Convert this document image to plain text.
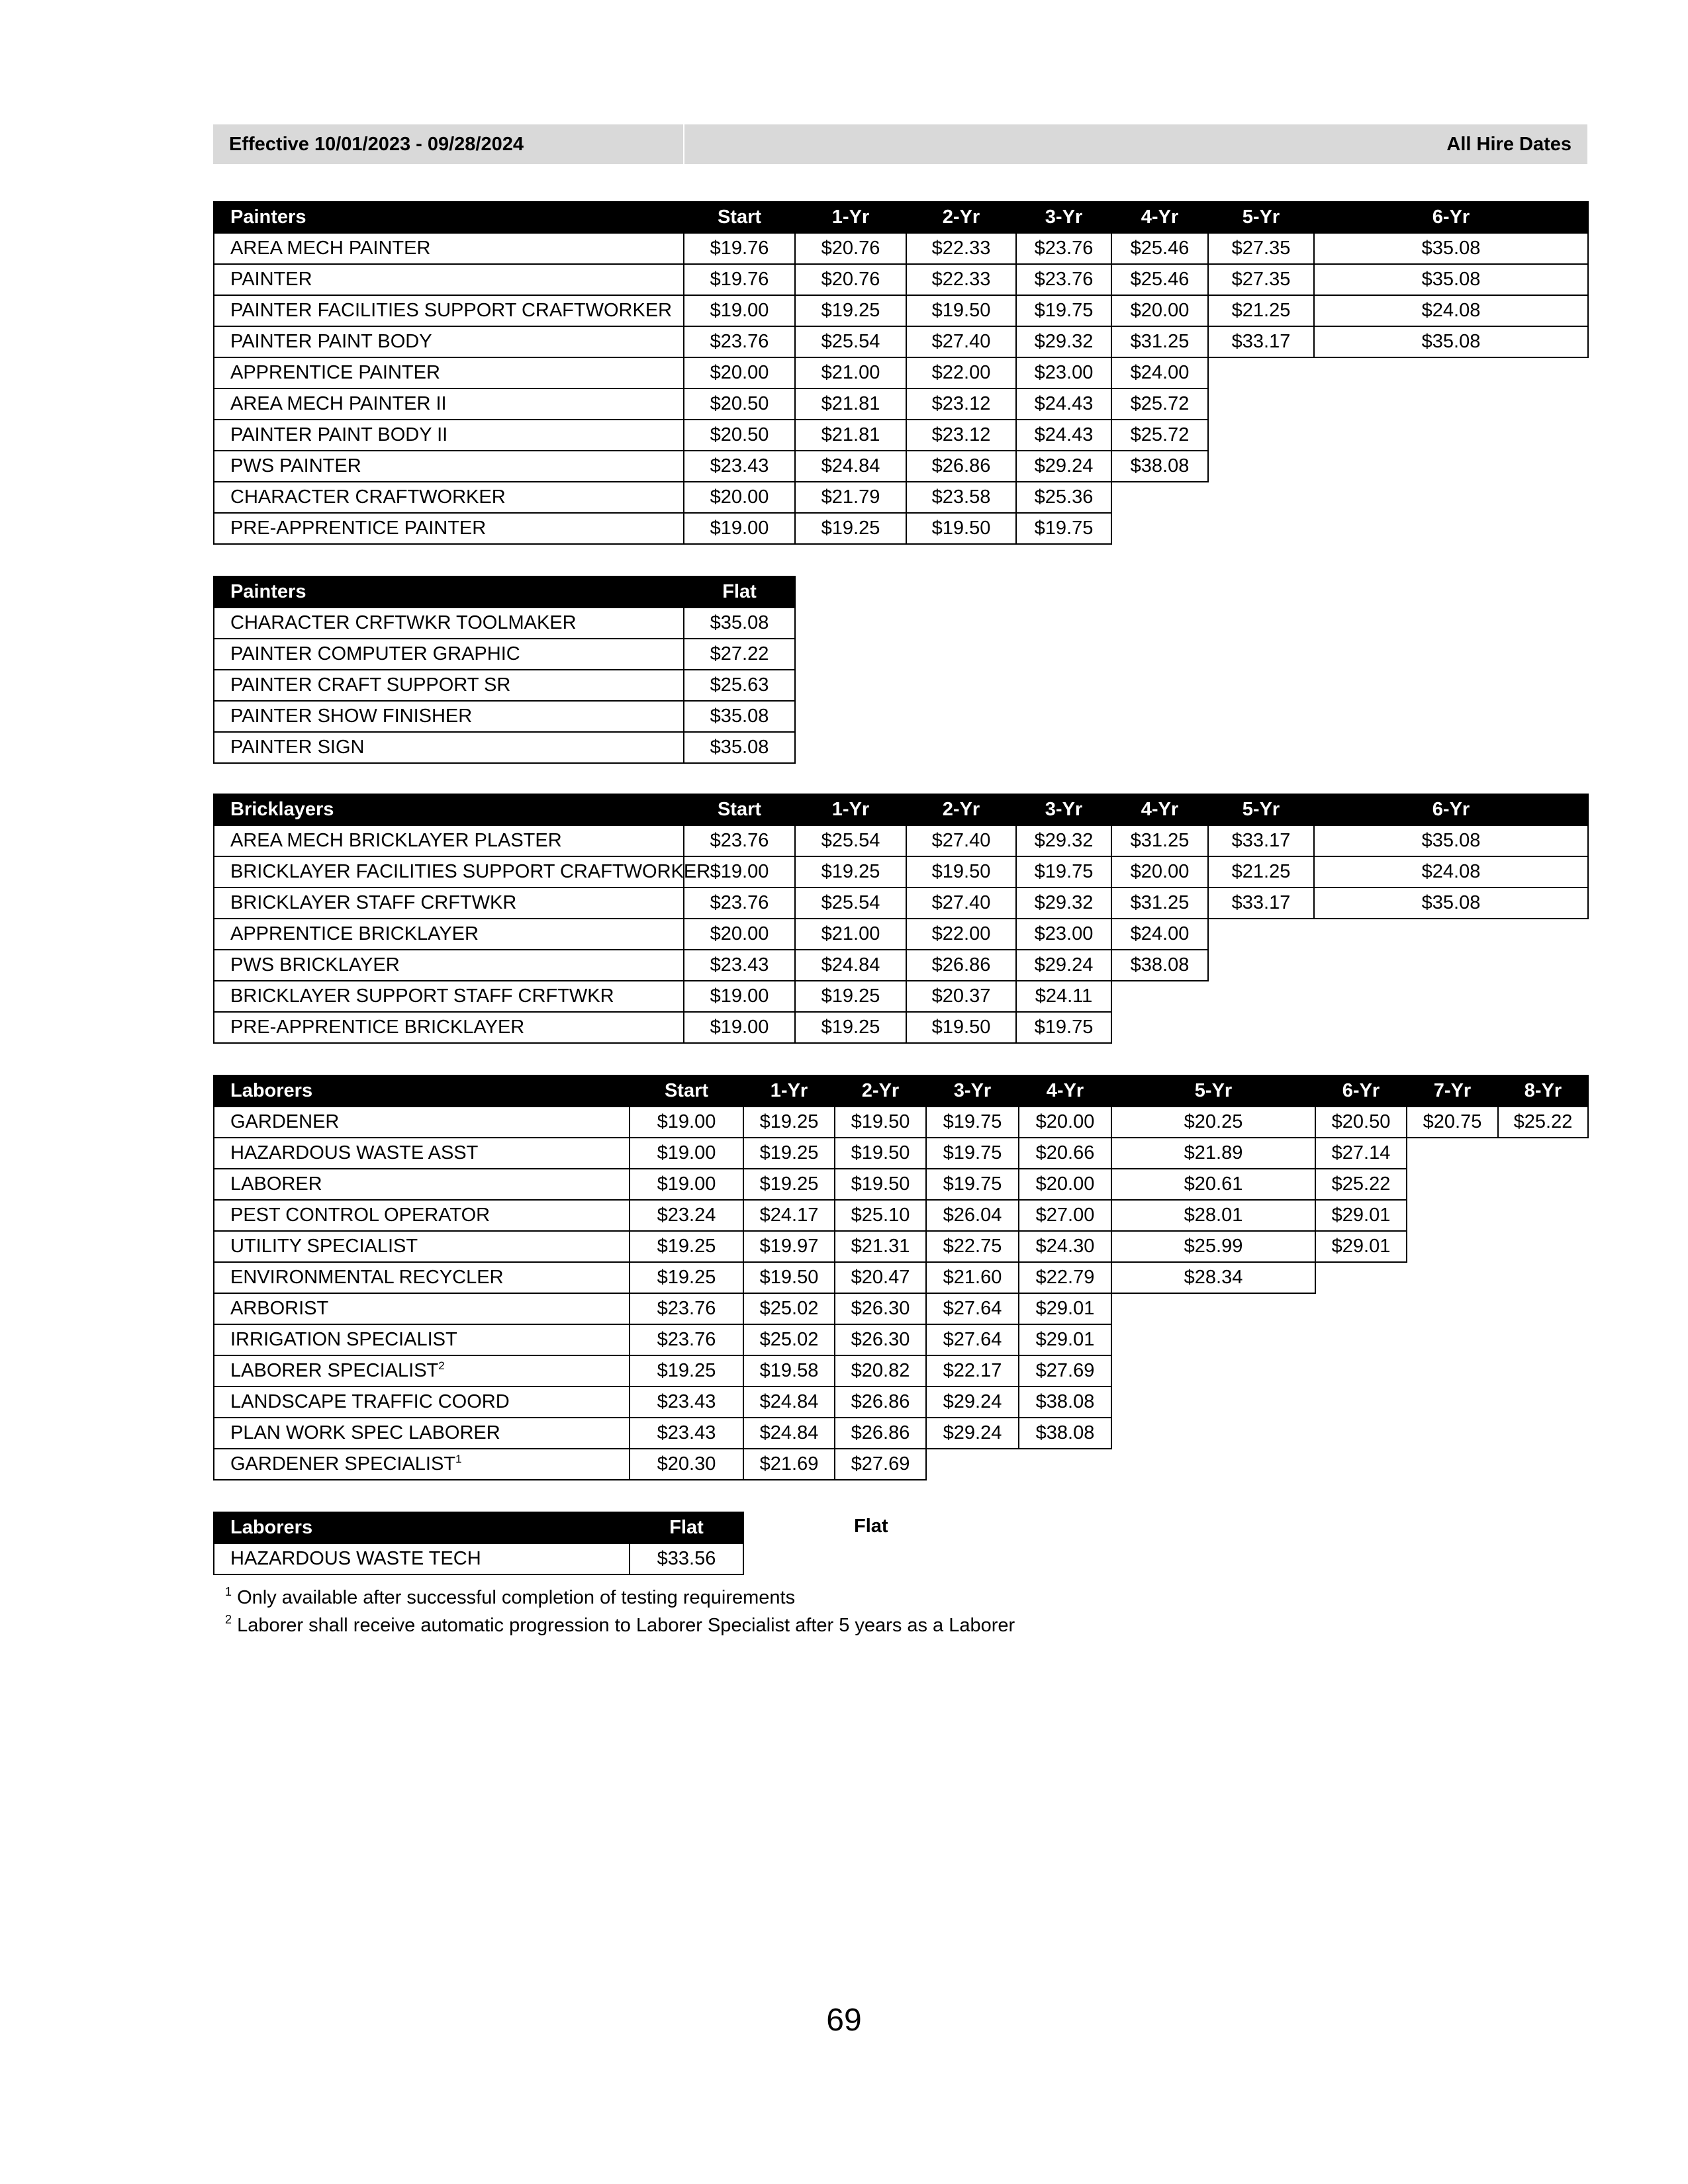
Effective 10/01/2023 - 09/28/2024	All Hire Dates
Painters	Start	1-Yr	2-Yr	3-Yr	4-Yr	5-Yr	6-Yr
AREA MECH PAINTER	$19.76	$20.76	$22.33	$23.76	$25.46	$27.35	$35.08
PAINTER	$19.76	$20.76	$22.33	$23.76	$25.46	$27.35	$35.08
PAINTER FACILITIES SUPPORT CRAFTWORKER	$19.00	$19.25	$19.50	$19.75	$20.00	$21.25	$24.08
PAINTER PAINT BODY	$23.76	$25.54	$27.40	$29.32	$31.25	$33.17	$35.08
APPRENTICE PAINTER	$20.00	$21.00	$22.00	$23.00	$24.00		
AREA MECH PAINTER II	$20.50	$21.81	$23.12	$24.43	$25.72		
PAINTER PAINT BODY II	$20.50	$21.81	$23.12	$24.43	$25.72		
PWS PAINTER	$23.43	$24.84	$26.86	$29.24	$38.08		
CHARACTER CRAFTWORKER	$20.00	$21.79	$23.58	$25.36			
PRE-APPRENTICE PAINTER	$19.00	$19.25	$19.50	$19.75			
Painters	Flat
CHARACTER CRFTWKR TOOLMAKER	$35.08
PAINTER COMPUTER GRAPHIC	$27.22
PAINTER CRAFT SUPPORT SR	$25.63
PAINTER SHOW FINISHER	$35.08
PAINTER SIGN	$35.08
Bricklayers	Start	1-Yr	2-Yr	3-Yr	4-Yr	5-Yr	6-Yr
AREA MECH BRICKLAYER PLASTER	$23.76	$25.54	$27.40	$29.32	$31.25	$33.17	$35.08
BRICKLAYER FACILITIES SUPPORT CRAFTWORKER	$19.00	$19.25	$19.50	$19.75	$20.00	$21.25	$24.08
BRICKLAYER STAFF CRFTWKR	$23.76	$25.54	$27.40	$29.32	$31.25	$33.17	$35.08
APPRENTICE BRICKLAYER	$20.00	$21.00	$22.00	$23.00	$24.00		
PWS BRICKLAYER	$23.43	$24.84	$26.86	$29.24	$38.08		
BRICKLAYER SUPPORT STAFF CRFTWKR	$19.00	$19.25	$20.37	$24.11			
PRE-APPRENTICE BRICKLAYER	$19.00	$19.25	$19.50	$19.75			
Laborers	Start	1-Yr	2-Yr	3-Yr	4-Yr	5-Yr	6-Yr	7-Yr	8-Yr
GARDENER	$19.00	$19.25	$19.50	$19.75	$20.00	$20.25	$20.50	$20.75	$25.22
HAZARDOUS WASTE ASST	$19.00	$19.25	$19.50	$19.75	$20.66	$21.89	$27.14		
LABORER	$19.00	$19.25	$19.50	$19.75	$20.00	$20.61	$25.22		
PEST CONTROL OPERATOR	$23.24	$24.17	$25.10	$26.04	$27.00	$28.01	$29.01		
UTILITY SPECIALIST	$19.25	$19.97	$21.31	$22.75	$24.30	$25.99	$29.01		
ENVIRONMENTAL RECYCLER	$19.25	$19.50	$20.47	$21.60	$22.79	$28.34			
ARBORIST	$23.76	$25.02	$26.30	$27.64	$29.01				
IRRIGATION SPECIALIST	$23.76	$25.02	$26.30	$27.64	$29.01				
LABORER SPECIALIST$^2$	$19.25	$19.58	$20.82	$22.17	$27.69				
LANDSCAPE TRAFFIC COORD	$23.43	$24.84	$26.86	$29.24	$38.08				
PLAN WORK SPEC LABORER	$23.43	$24.84	$26.86	$29.24	$38.08				
GARDENER SPECIALIST$^1$	$20.30	$21.69	$27.69						
Laborers	Flat
HAZARDOUS WASTE TECH	$33.56
Flat
$^1$ Only available after successful completion of testing requirements
$^2$ Laborer shall receive automatic progression to Laborer Specialist after 5 years as a Laborer
69
